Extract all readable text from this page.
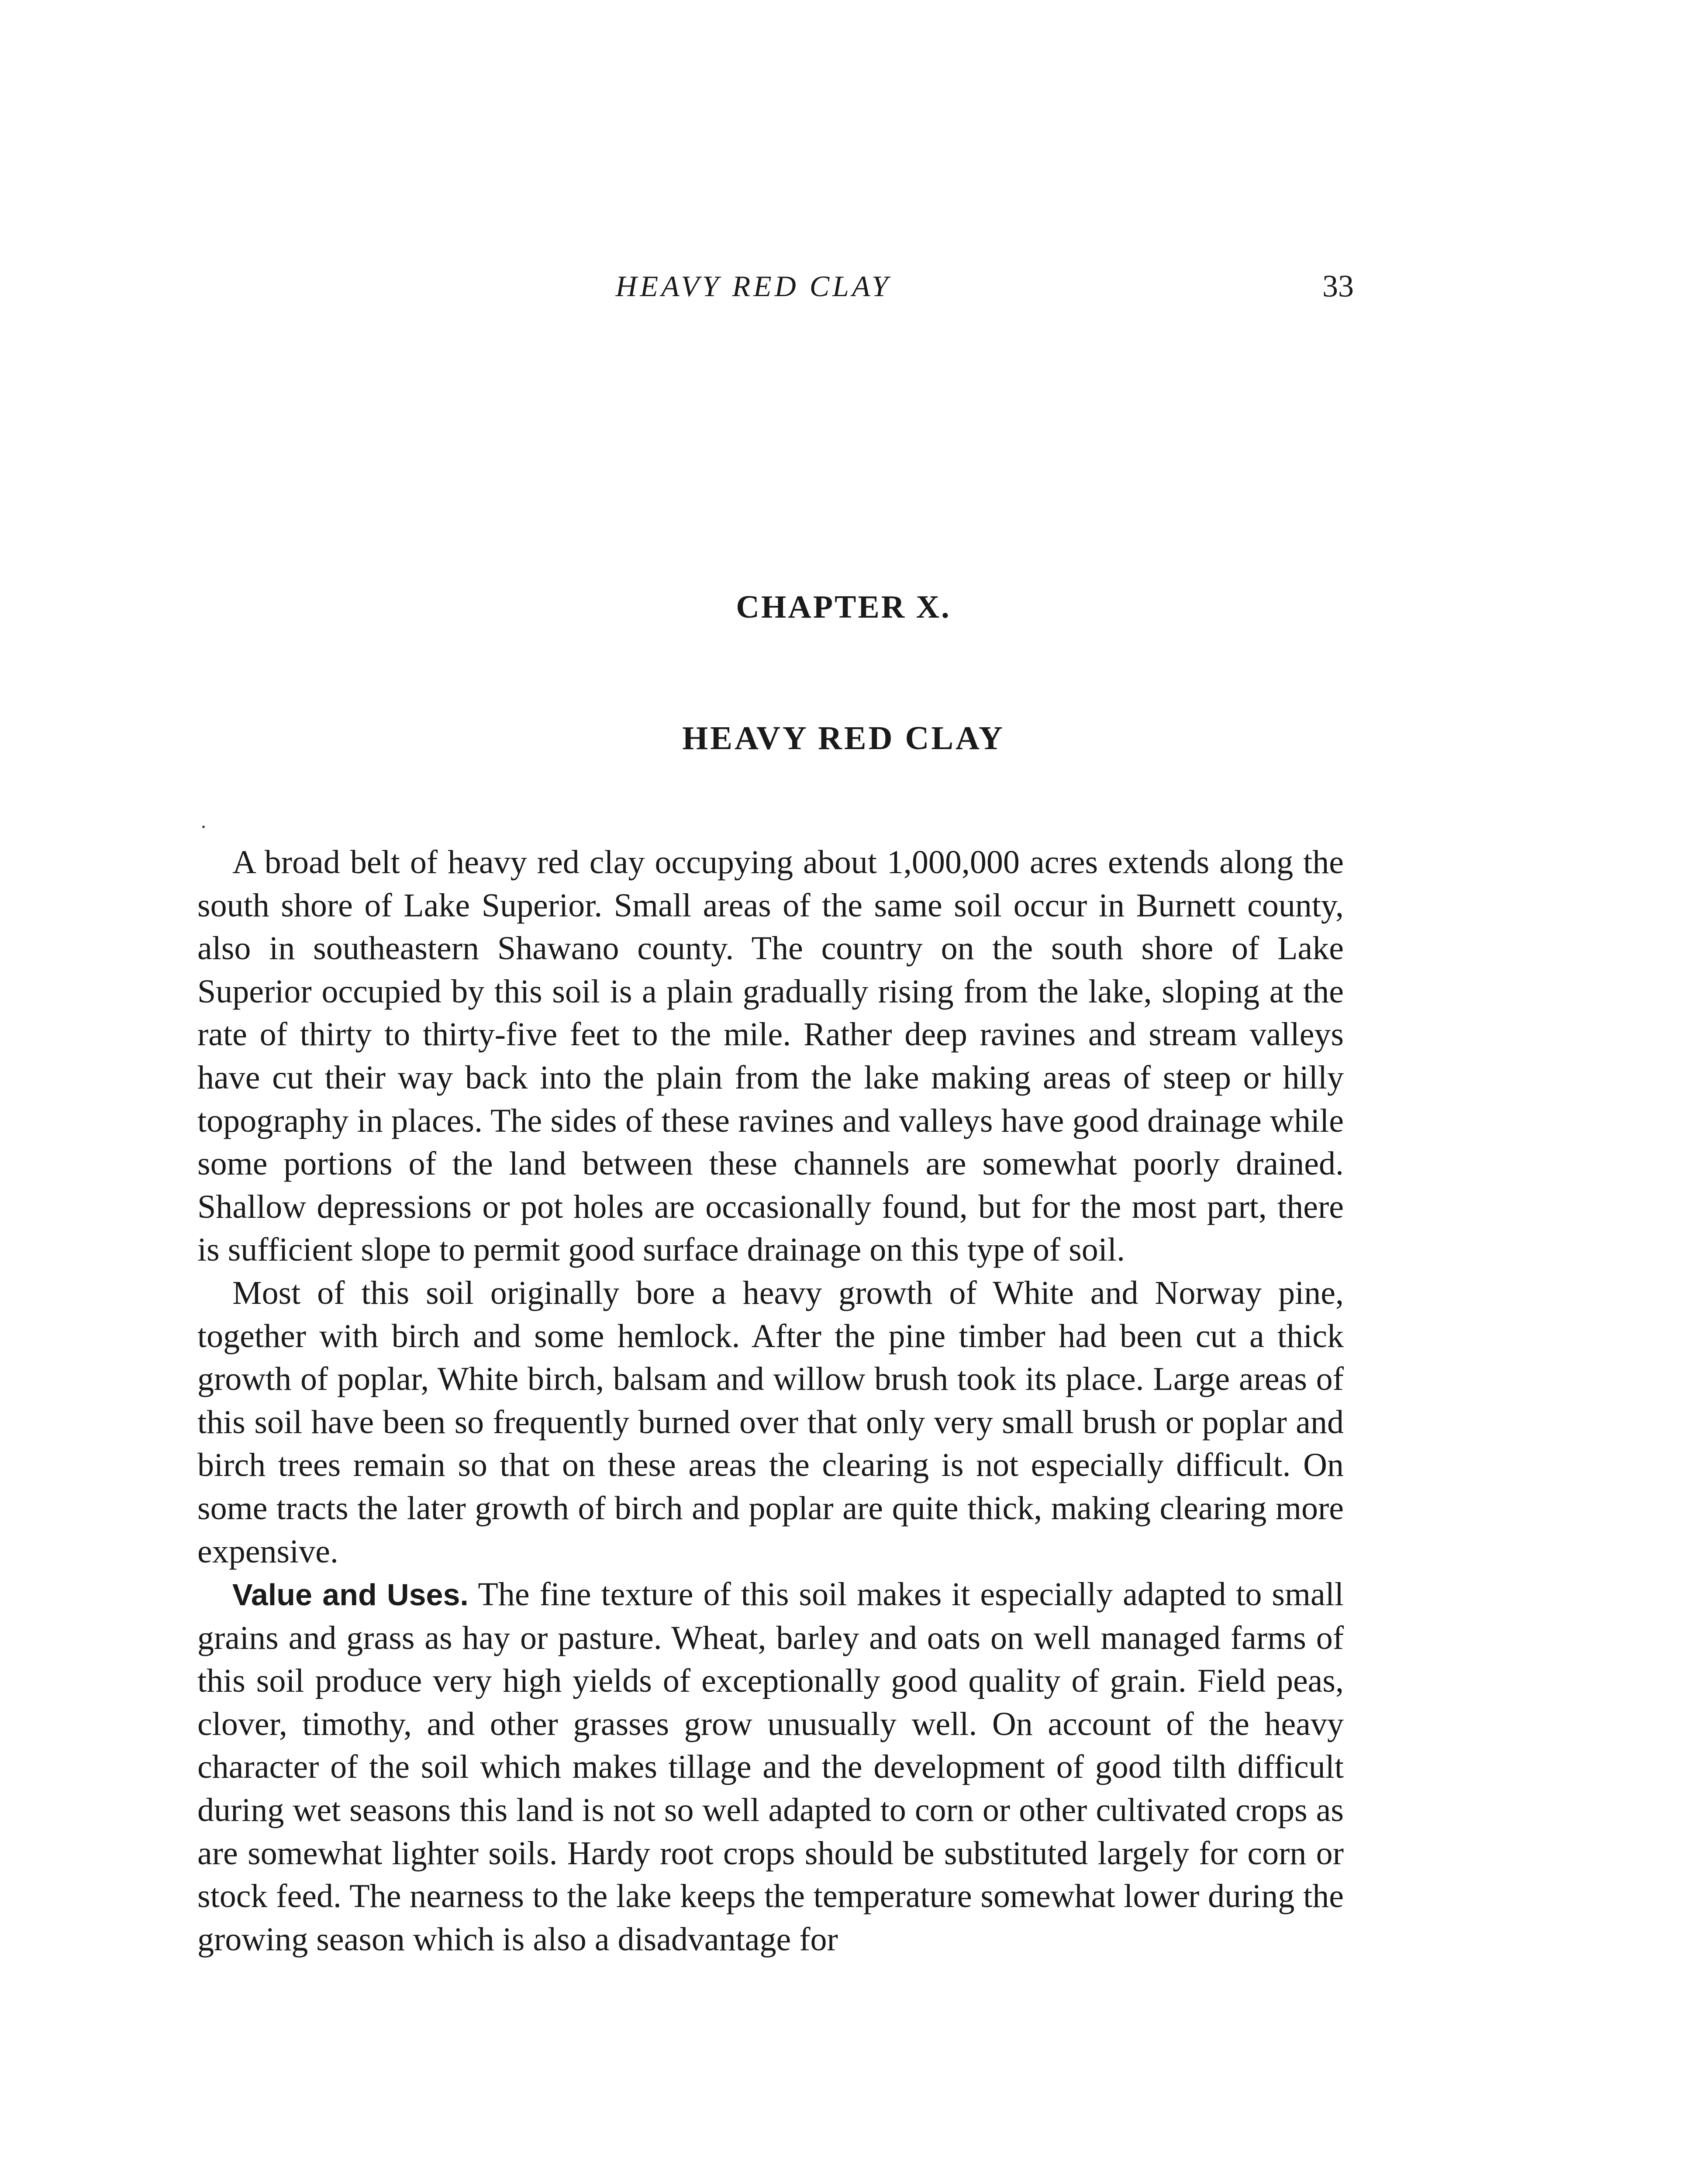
HEAVY RED CLAY	33
CHAPTER X.
HEAVY RED CLAY

A broad belt of heavy red clay occupying about 1,000,000 acres extends along the south shore of Lake Superior. Small areas of the same soil occur in Burnett county, also in southeastern Shawano county. The country on the south shore of Lake Superior occupied by this soil is a plain gradually rising from the lake, sloping at the rate of thirty to thirty-five feet to the mile. Rather deep ravines and stream valleys have cut their way back into the plain from the lake making areas of steep or hilly topography in places. The sides of these ravines and valleys have good drainage while some portions of the land between these channels are somewhat poorly drained. Shallow depressions or pot holes are occasionally found, but for the most part, there is sufficient slope to permit good surface drainage on this type of soil.

Most of this soil originally bore a heavy growth of White and Norway pine, together with birch and some hemlock. After the pine timber had been cut a thick growth of poplar, White birch, balsam and willow brush took its place. Large areas of this soil have been so frequently burned over that only very small brush or poplar and birch trees remain so that on these areas the clearing is not especially difficult. On some tracts the later growth of birch and poplar are quite thick, making clearing more expensive.

Value and Uses. The fine texture of this soil makes it especially adapted to small grains and grass as hay or pasture. Wheat, barley and oats on well managed farms of this soil produce very high yields of exceptionally good quality of grain. Field peas, clover, timothy, and other grasses grow unusually well. On account of the heavy character of the soil which makes tillage and the development of good tilth difficult during wet seasons this land is not so well adapted to corn or other cultivated crops as are somewhat lighter soils. Hardy root crops should be substituted largely for corn or stock feed. The nearness to the lake keeps the temperature somewhat lower during the growing season which is also a disadvantage for
